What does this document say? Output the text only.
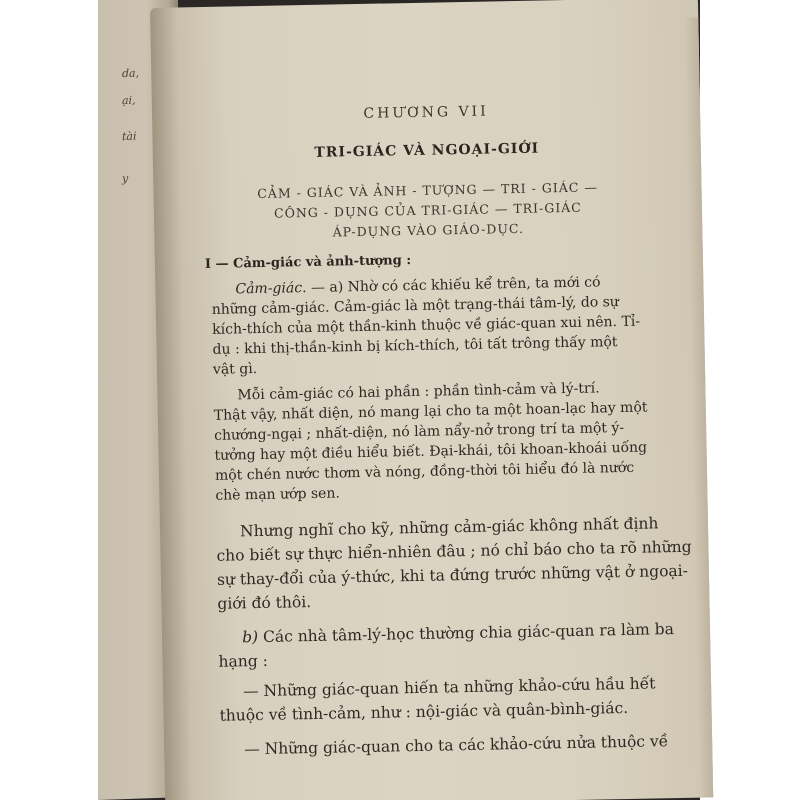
da,
ại,
tài
y
CHƯƠNG VII
TRI-GIÁC VÀ NGOẠI-GIỚI
CẢM - GIÁC VÀ ẢNH - TƯỢNG — TRI - GIÁC —
CÔNG - DỤNG CỦA TRI-GIÁC — TRI-GIÁC
ÁP-DỤNG VÀO GIÁO-DỤC.
I — Cảm-giác và ảnh-tượng :
Cảm-giác. — a) Nhờ có các khiếu kể trên, ta mới có
những cảm-giác. Cảm-giác là một trạng-thái tâm-lý, do sự
kích-thích của một thần-kinh thuộc về giác-quan xui nên. Tỉ-
dụ : khi thị-thần-kinh bị kích-thích, tôi tất trông thấy một
vật gì.
Mỗi cảm-giác có hai phần : phần tình-cảm và lý-trí.
Thật vậy, nhất diện, nó mang lại cho ta một hoan-lạc hay một
chướng-ngại ; nhất-diện, nó làm nẩy-nở trong trí ta một ý-
tưởng hay một điều hiểu biết. Đại-khái, tôi khoan-khoái uống
một chén nước thơm và nóng, đồng-thời tôi hiểu đó là nước
chè mạn ướp sen.
Nhưng nghĩ cho kỹ, những cảm-giác không nhất định
cho biết sự thực hiển-nhiên đâu ; nó chỉ báo cho ta rõ những
sự thay-đổi của ý-thức, khi ta đứng trước những vật ở ngoại-
giới đó thôi.
b) Các nhà tâm-lý-học thường chia giác-quan ra làm ba
hạng :
— Những giác-quan hiến ta những khảo-cứu hầu hết
thuộc về tình-cảm, như : nội-giác và quân-bình-giác.
— Những giác-quan cho ta các khảo-cứu nửa thuộc về
